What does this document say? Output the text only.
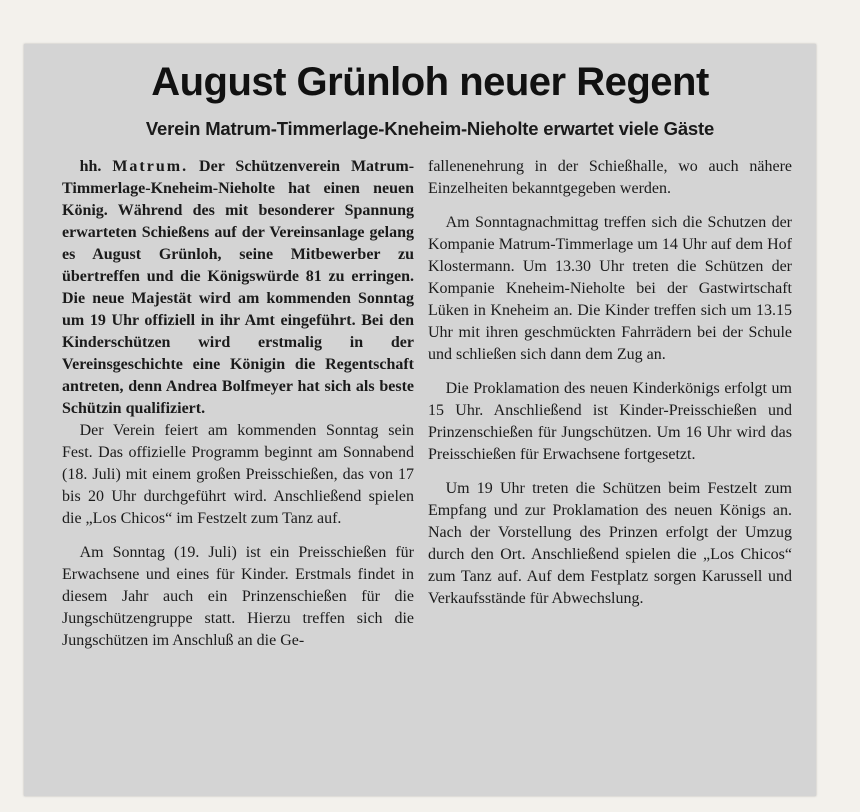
August Grünloh neuer Regent
Verein Matrum-Timmerlage-Kneheim-Nieholte erwartet viele Gäste

hh. Matrum. Der Schützenverein Matrum-Timmerlage-Kneheim-Nieholte hat einen neuen König. Während des mit besonderer Spannung erwarteten Schießens auf der Vereinsanlage gelang es August Grünloh, seine Mitbewerber zu übertreffen und die Königswürde 81 zu erringen. Die neue Majestät wird am kommenden Sonntag um 19 Uhr offiziell in ihr Amt eingeführt. Bei den Kinderschützen wird erstmalig in der Vereinsgeschichte eine Königin die Regentschaft antreten, denn Andrea Bolfmeyer hat sich als beste Schützin qualifiziert.

Der Verein feiert am kommenden Sonntag sein Fest. Das offizielle Programm beginnt am Sonnabend (18. Juli) mit einem großen Preisschießen, das von 17 bis 20 Uhr durchgeführt wird. Anschließend spielen die „Los Chicos“ im Festzelt zum Tanz auf.

Am Sonntag (19. Juli) ist ein Preisschießen für Erwachsene und eines für Kinder. Erstmals findet in diesem Jahr auch ein Prinzenschießen für die Jungschützengruppe statt. Hierzu treffen sich die Jungschützen im Anschluß an die Ge-

fallenenehrung in der Schießhalle, wo auch nähere Einzelheiten bekanntgegeben werden.

Am Sonntagnachmittag treffen sich die Schutzen der Kompanie Matrum-Timmerlage um 14 Uhr auf dem Hof Klostermann. Um 13.30 Uhr treten die Schützen der Kompanie Kneheim-Nieholte bei der Gastwirtschaft Lüken in Kneheim an. Die Kinder treffen sich um 13.15 Uhr mit ihren geschmückten Fahrrädern bei der Schule und schließen sich dann dem Zug an.

Die Proklamation des neuen Kinderkönigs erfolgt um 15 Uhr. Anschließend ist Kinder-Preisschießen und Prinzenschießen für Jungschützen. Um 16 Uhr wird das Preisschießen für Erwachsene fortgesetzt.

Um 19 Uhr treten die Schützen beim Festzelt zum Empfang und zur Proklamation des neuen Königs an. Nach der Vorstellung des Prinzen erfolgt der Umzug durch den Ort. Anschließend spielen die „Los Chicos“ zum Tanz auf. Auf dem Festplatz sorgen Karussell und Verkaufsstände für Abwechslung.
